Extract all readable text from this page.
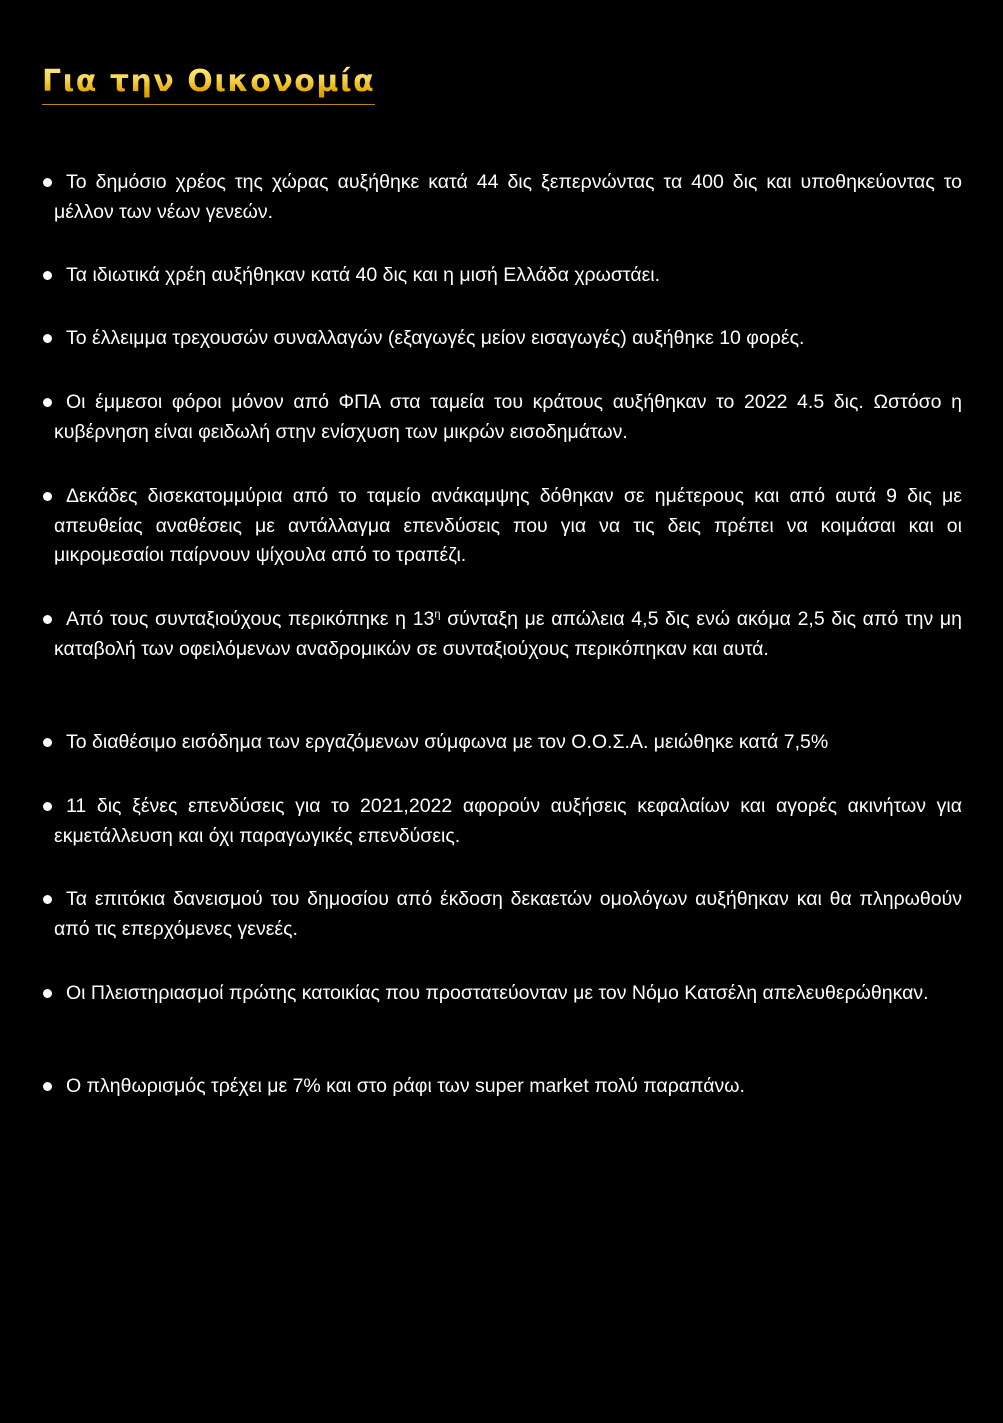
Για την Οικονομία
Το δημόσιο χρέος της χώρας αυξήθηκε κατά 44 δις ξεπερνώντας τα 400 δις και υποθηκεύοντας το μέλλον των νέων γενεών.
Τα ιδιωτικά χρέη αυξήθηκαν κατά 40 δις και η μισή Ελλάδα χρωστάει.
Το έλλειμμα τρεχουσών συναλλαγών (εξαγωγές μείον εισαγωγές) αυξήθηκε 10 φορές.
Οι έμμεσοι φόροι μόνον από ΦΠΑ στα ταμεία του κράτους αυξήθηκαν το 2022 4.5 δις. Ωστόσο η κυβέρνηση είναι φειδωλή στην ενίσχυση των μικρών εισοδημάτων.
Δεκάδες δισεκατομμύρια από το ταμείο ανάκαμψης δόθηκαν σε ημέτερους και από αυτά 9 δις με απευθείας αναθέσεις με αντάλλαγμα επενδύσεις που για να τις δεις πρέπει να κοιμάσαι και οι μικρομεσαίοι παίρνουν ψίχουλα από το τραπέζι.
Από τους συνταξιούχους περικόπηκε η $13^\eta$ σύνταξη με απώλεια 4,5 δις ενώ ακόμα 2,5 δις από την μη καταβολή των οφειλόμενων αναδρομικών σε συνταξιούχους περικόπηκαν και αυτά.
Το διαθέσιμο εισόδημα των εργαζόμενων σύμφωνα με τον Ο.Ο.Σ.Α. μειώθηκε κατά 7,5%
11 δις ξένες επενδύσεις για το 2021,2022 αφορούν αυξήσεις κεφαλαίων και αγορές ακινήτων για εκμετάλλευση και όχι παραγωγικές επενδύσεις.
Τα επιτόκια δανεισμού του δημοσίου από έκδοση δεκαετών ομολόγων αυξήθηκαν και θα πληρωθούν από τις επερχόμενες γενεές.
Οι Πλειστηριασμοί πρώτης κατοικίας που προστατεύονταν με τον Νόμο Κατσέλη απελευθερώθηκαν.
Ο πληθωρισμός τρέχει με 7% και στο ράφι των super market πολύ παραπάνω.
